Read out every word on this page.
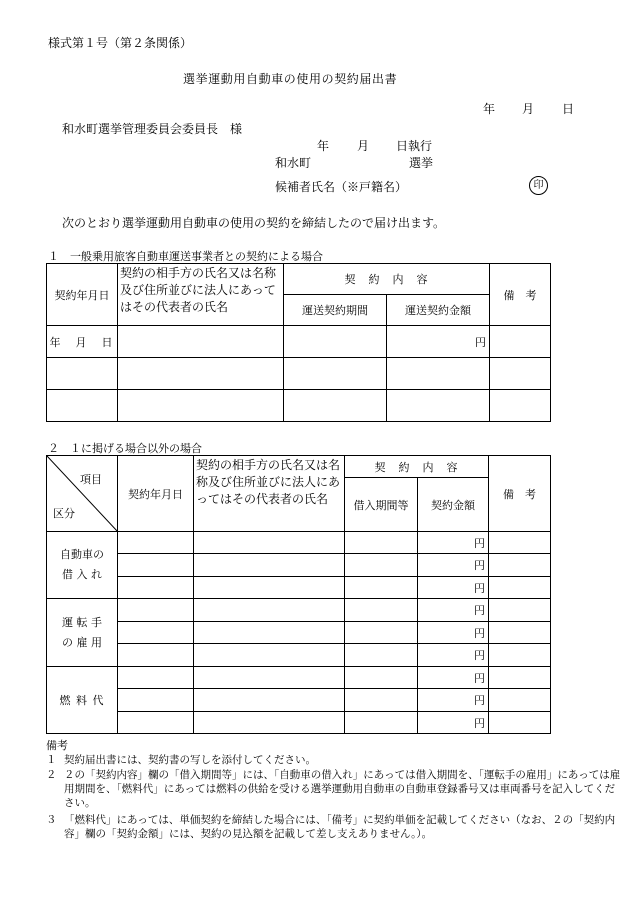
様式第１号（第２条関係）
選挙運動用自動車の使用の契約届出書
年 月 日
和水町選挙管理委員会委員長　様
年 月 日執行
和水町	選挙
候補者氏名（※戸籍名）	印
次のとおり選挙運動用自動車の使用の契約を締結したので届け出ます。
１　一般乗用旅客自動車運送事業者との契約による場合
契約年月日	契約の相手方の氏名又は名称及び住所並びに法人にあってはその代表者の氏名	契　約　内　容		備　考
		運送契約期間	運送契約金額	
年　月　日			円	

２　１に掲げる場合以外の場合
項目
区分	契約年月日	契約の相手方の氏名又は名称及び住所並びに法人にあってはその代表者の氏名	契　約　内　容		備　考
			借入期間等	契約金額	
自動車の
借 入 れ				円	
				円	
				円	
運 転 手
の 雇 用				円	
				円	
				円	
燃 料 代				円	
				円	
				円	
備考
１ 契約届出書には、契約書の写しを添付してください。
２ ２の「契約内容」欄の「借入期間等」には、「自動車の借入れ」にあっては借入期間を、「運転手の雇用」にあっては雇用期間を、「燃料代」にあっては燃料の供給を受ける選挙運動用自動車の自動車登録番号又は車両番号を記入してください。
３ 「燃料代」にあっては、単価契約を締結した場合には、「備考」に契約単価を記載してください（なお、２の「契約内容」欄の「契約金額」には、契約の見込額を記載して差し支えありません。）。
